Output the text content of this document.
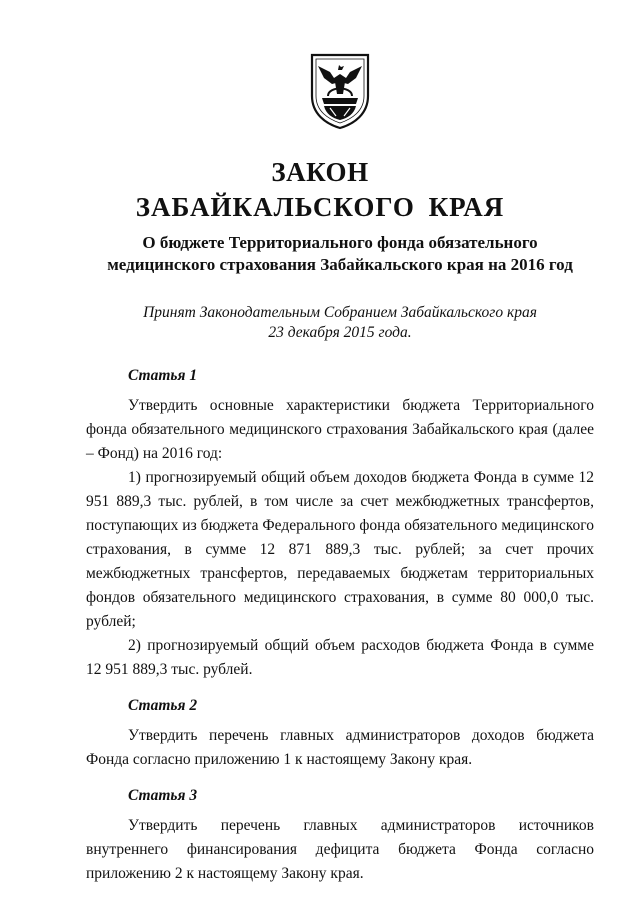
ЗАКОН
ЗАБАЙКАЛЬСКОГО КРАЯ
О бюджете Территориального фонда обязательного
медицинского страхования Забайкальского края на 2016 год
Принят Законодательным Собранием Забайкальского края
23 декабря 2015 года.
Статья 1

Утвердить основные характеристики бюджета Территориального фонда обязательного медицинского страхования Забайкальского края (далее – Фонд) на 2016 год:

1) прогнозируемый общий объем доходов бюджета Фонда в сумме 12 951 889,3 тыс. рублей, в том числе за счет межбюджетных трансфертов, поступающих из бюджета Федерального фонда обязательного медицинского страхования, в сумме 12 871 889,3 тыс. рублей; за счет прочих межбюджетных трансфертов, передаваемых бюджетам территориальных фондов обязательного медицинского страхования, в сумме 80 000,0 тыс. рублей;

2) прогнозируемый общий объем расходов бюджета Фонда в сумме 12 951 889,3 тыс. рублей.

Статья 2

Утвердить перечень главных администраторов доходов бюджета Фонда согласно приложению 1 к настоящему Закону края.

Статья 3

Утвердить перечень главных администраторов источников внутреннего финансирования дефицита бюджета Фонда согласно приложению 2 к настоящему Закону края.
